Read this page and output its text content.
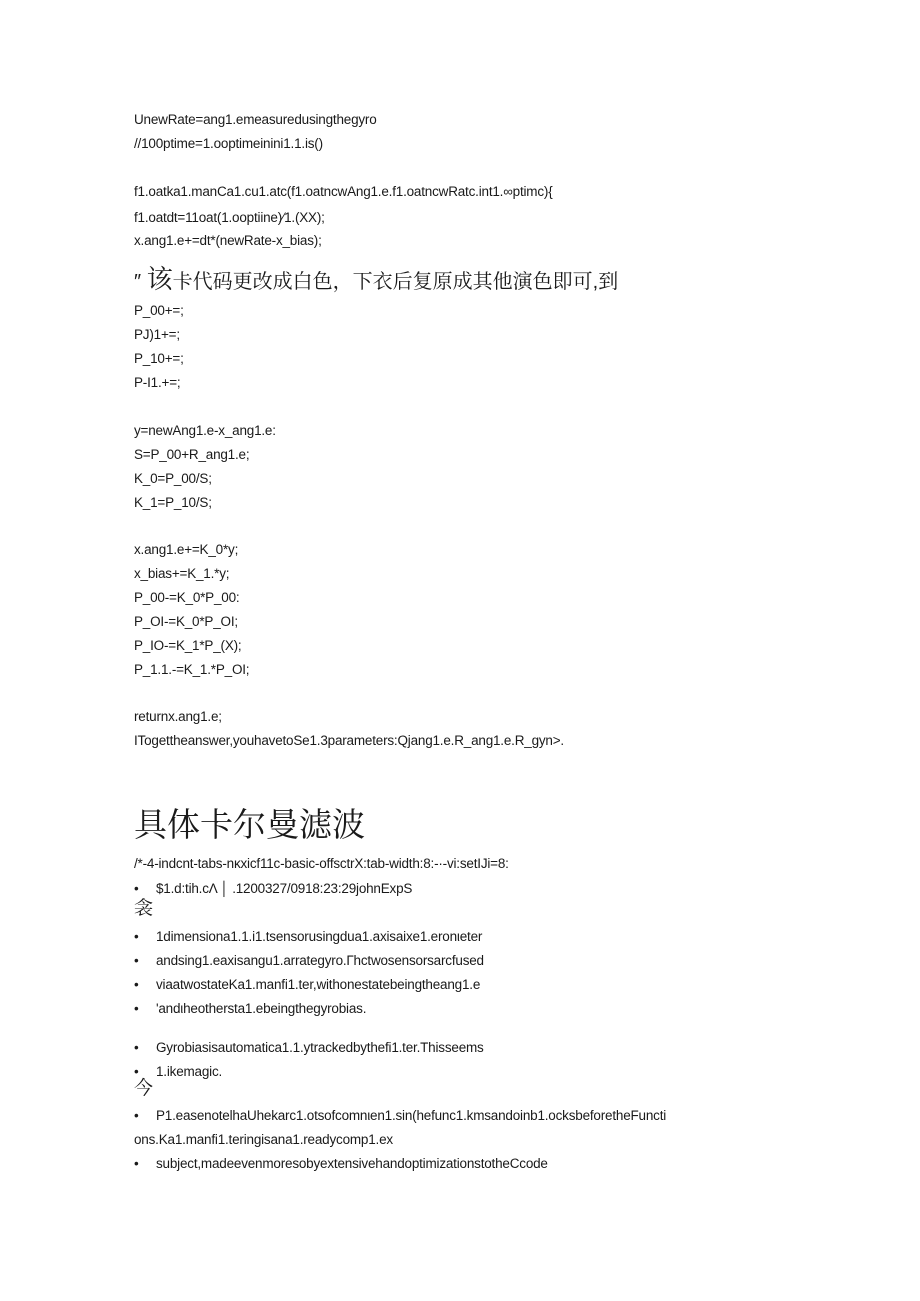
UnewRate=ang1.emeasuredusingthegyro
//100ptime=1.ooptimeinini1.1.is()
f1.oatka1.manCa1.cu1.atc(f1.oatncwAng1.e.f1.oatncwRatc.int1.∞ptimc){
f1.oatdt=11oat(1.ooptiine)⁄1.(XX);
x.ang1.e+=dt*(newRate-x_bias);
″ 该卡代码更改成白色，下衣后复原成其他演色即可,到
P_00+=;
PJ)1+=;
P_10+=;
P-I1.+=;
y=newAng1.e-x_ang1.e:
S=P_00+R_ang1.e;
K_0=P_00/S;
K_1=P_10/S;
x.ang1.e+=K_0*y;
x_bias+=K_1.*y;
P_00-=K_0*P_00:
P_OI-=K_0*P_OI;
P_IO-=K_1*P_(X);
P_1.1.-=K_1.*P_OI;
returnx.ang1.e;
ITogettheanswer,youhavetoSe1.3parameters:Qjang1.e.R_ang1.e.R_gyn>.
具体卡尔曼滤波
/*-4-indcnt-tabs-nκxicf11c-basic-offsctrX:tab-width:8:-·-vi:setIJi=8:
• $1.d:tih.cΛ │ .1200327/0918:23:29johnExpS
衾
• 1dimensiona1.1.i1.tsensorusingdua1.axisaixe1.eronιeter
• andsing1.eaxisangu1.arrategyro.Гhctwosensorsarcfused
• viaatwostateKa1.manfi1.ter,withonestatebeingtheang1.e
• 'andιheothersta1.ebeingthegyrobias.
• Gyrobiasisautomatica1.1.ytrackedbythefi1.ter.Thisseems
• 1.ikemagic.
今
• P1.easenotelhaUhekarc1.otsofcomnιen1.sin(hefunc1.kmsandoinb1.ocksbeforetheFuncti
ons.Ka1.manfi1.teringisana1.readycomp1.ex
• subject,madeevenmoresobyextensivehandoptimizationstotheCcode
